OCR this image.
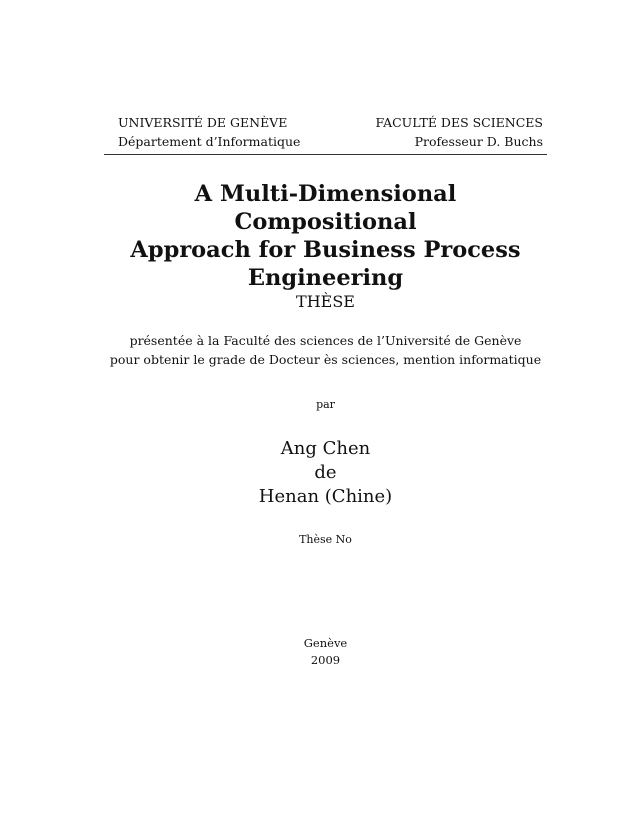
UNIVERSITÉ DE GENÈVE
Département d’Informatique
FACULTÉ DES SCIENCES
Professeur D. Buchs
A Multi-Dimensional Compositional
Approach for Business Process
Engineering
THÈSE
présentée à la Faculté des sciences de l’Université de Genève
pour obtenir le grade de Docteur ès sciences, mention informatique
par
Ang Chen
de
Henan (Chine)
Thèse No
Genève
2009
